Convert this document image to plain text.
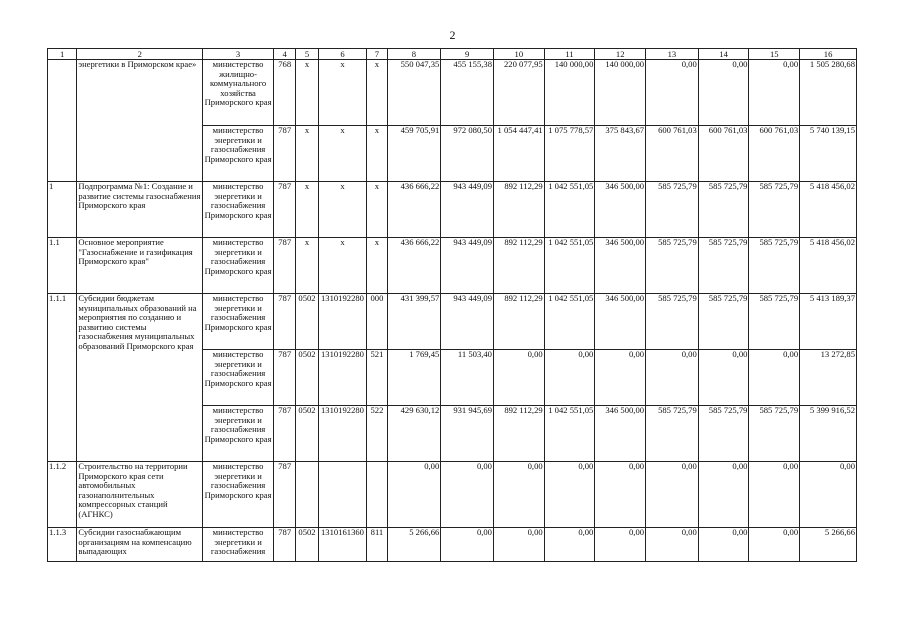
2
1	2	3	4	5	6	7	8	9	10	11	12	13	14	15	16
	энергетики в Приморском крае»	министерство жилищно-коммунального хозяйства Приморского края	768	x	x	x	550 047,35	455 155,38	220 077,95	140 000,00	140 000,00	0,00	0,00	0,00	1 505 280,68
		министерство энергетики и газоснабжения Приморского края	787	x	x	x	459 705,91	972 080,50	1 054 447,41	1 075 778,57	375 843,67	600 761,03	600 761,03	600 761,03	5 740 139,15
1	Подпрограмма №1: Создание и развитие системы газоснабжения Приморского края	министерство энергетики и газоснабжения Приморского края	787	x	x	x	436 666,22	943 449,09	892 112,29	1 042 551,05	346 500,00	585 725,79	585 725,79	585 725,79	5 418 456,02
1.1	Основное мероприятие "Газоснабжение и газификация Приморского края"	министерство энергетики и газоснабжения Приморского края	787	x	x	x	436 666,22	943 449,09	892 112,29	1 042 551,05	346 500,00	585 725,79	585 725,79	585 725,79	5 418 456,02
1.1.1	Субсидии бюджетам муниципальных образований на мероприятия по созданию и развитию системы газоснабжения муниципальных образований Приморского края	министерство энергетики и газоснабжения Приморского края	787	0502	1310192280	000	431 399,57	943 449,09	892 112,29	1 042 551,05	346 500,00	585 725,79	585 725,79	585 725,79	5 413 189,37
		министерство энергетики и газоснабжения Приморского края	787	0502	1310192280	521	1 769,45	11 503,40	0,00	0,00	0,00	0,00	0,00	0,00	13 272,85
		министерство энергетики и газоснабжения Приморского края	787	0502	1310192280	522	429 630,12	931 945,69	892 112,29	1 042 551,05	346 500,00	585 725,79	585 725,79	585 725,79	5 399 916,52
1.1.2	Строительство на территории Приморского края сети автомобильных газонаполнительных компрессорных станций (АГНКС)	министерство энергетики и газоснабжения Приморского края	787				0,00	0,00	0,00	0,00	0,00	0,00	0,00	0,00	0,00
1.1.3	Субсидии газоснабжающим организациям на компенсацию выпадающих	министерство энергетики и газоснабжения	787	0502	1310161360	811	5 266,66	0,00	0,00	0,00	0,00	0,00	0,00	0,00	5 266,66
